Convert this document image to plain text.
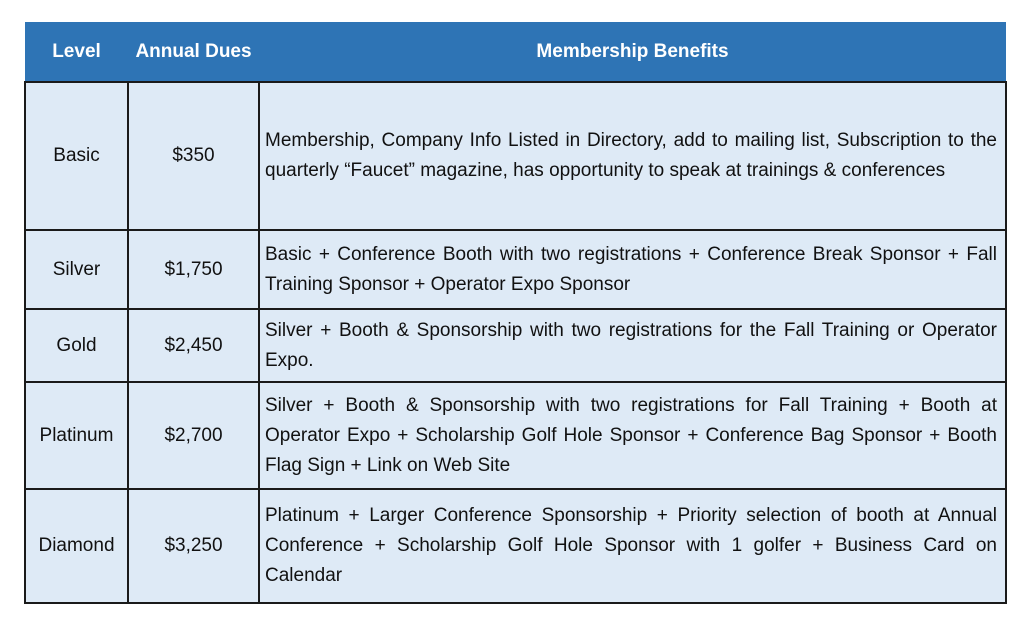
Level	Annual Dues	Membership Benefits
Basic	$350	Membership, Company Info Listed in Directory, add to mailing list, Subscription to the quarterly “Faucet” magazine, has opportunity to speak at trainings & conferences
Silver	$1,750	Basic + Conference Booth with two registrations + Conference Break Sponsor + Fall Training Sponsor + Operator Expo Sponsor
Gold	$2,450	Silver + Booth & Sponsorship with two registrations for the Fall Training or Operator Expo.
Platinum	$2,700	Silver + Booth & Sponsorship with two registrations for Fall Training + Booth at Operator Expo + Scholarship Golf Hole Sponsor + Conference Bag Sponsor + Booth Flag Sign + Link on Web Site
Diamond	$3,250	Platinum + Larger Conference Sponsorship + Priority selection of booth at Annual Conference + Scholarship Golf Hole Sponsor with 1 golfer + Business Card on Calendar
